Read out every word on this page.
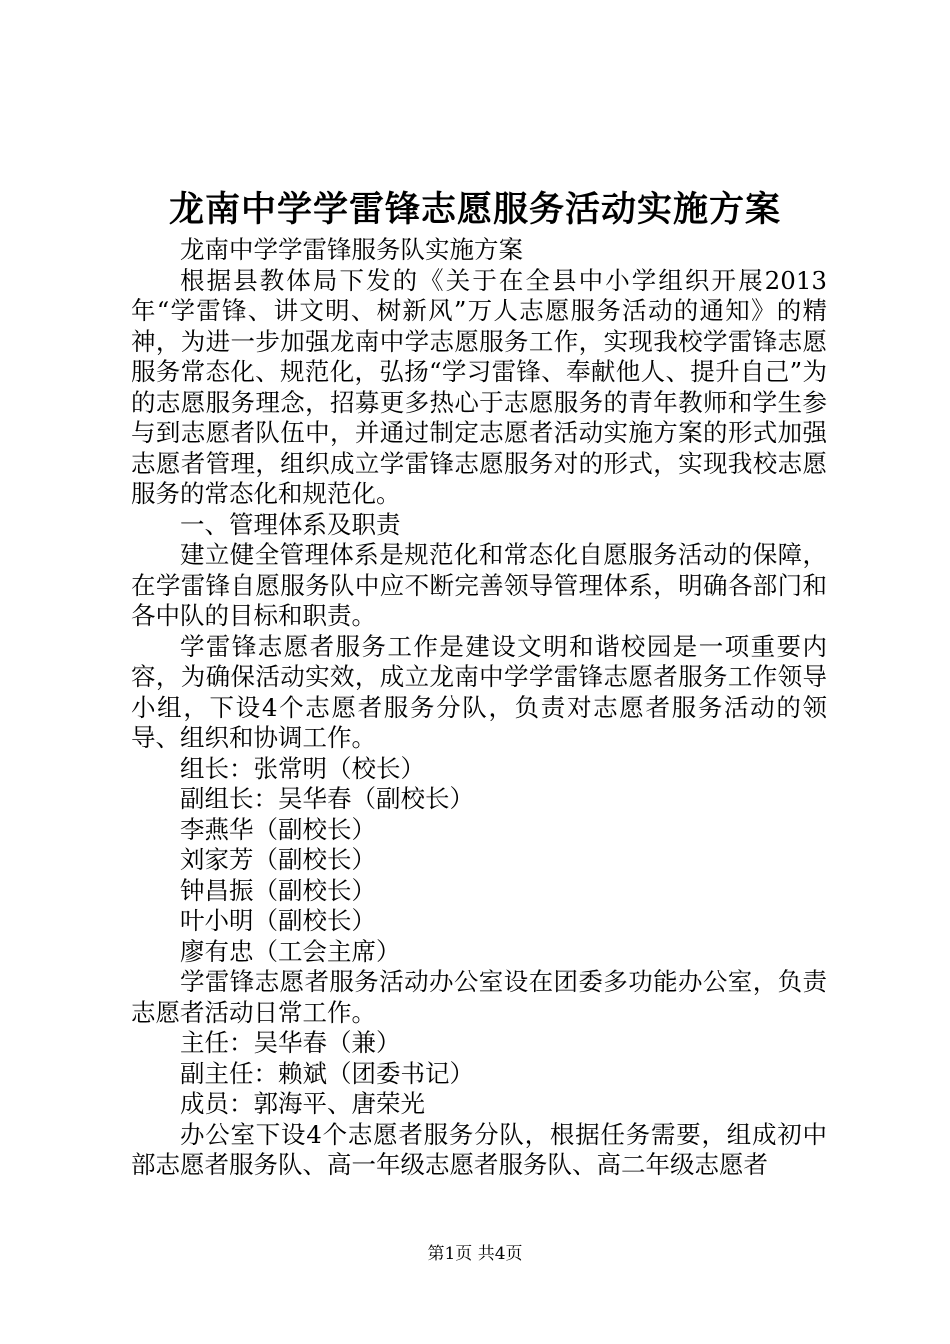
龙南中学学雷锋志愿服务活动实施方案

龙南中学学雷锋服务队实施方案

根据县教体局下发的《关于在全县中小学组织开展2013年“学雷锋、讲文明、树新风”万人志愿服务活动的通知》的精神，为进一步加强龙南中学志愿服务工作，实现我校学雷锋志愿服务常态化、规范化，弘扬“学习雷锋、奉献他人、提升自己”为的志愿服务理念，招募更多热心于志愿服务的青年教师和学生参与到志愿者队伍中，并通过制定志愿者活动实施方案的形式加强志愿者管理，组织成立学雷锋志愿服务对的形式，实现我校志愿服务的常态化和规范化。

一、管理体系及职责

建立健全管理体系是规范化和常态化自愿服务活动的保障，在学雷锋自愿服务队中应不断完善领导管理体系，明确各部门和各中队的目标和职责。

学雷锋志愿者服务工作是建设文明和谐校园是一项重要内容，为确保活动实效，成立龙南中学学雷锋志愿者服务工作领导小组，下设4个志愿者服务分队，负责对志愿者服务活动的领导、组织和协调工作。

组长：张常明（校长）

副组长：吴华春（副校长）

李燕华（副校长）

刘家芳（副校长）

钟昌振（副校长）

叶小明（副校长）

廖有忠（工会主席）

学雷锋志愿者服务活动办公室设在团委多功能办公室，负责志愿者活动日常工作。

主任：吴华春（兼）

副主任：赖斌（团委书记）

成员：郭海平、唐荣光

办公室下设4个志愿者服务分队，根据任务需要，组成初中部志愿者服务队、高一年级志愿者服务队、高二年级志愿者

第1页 共4页
